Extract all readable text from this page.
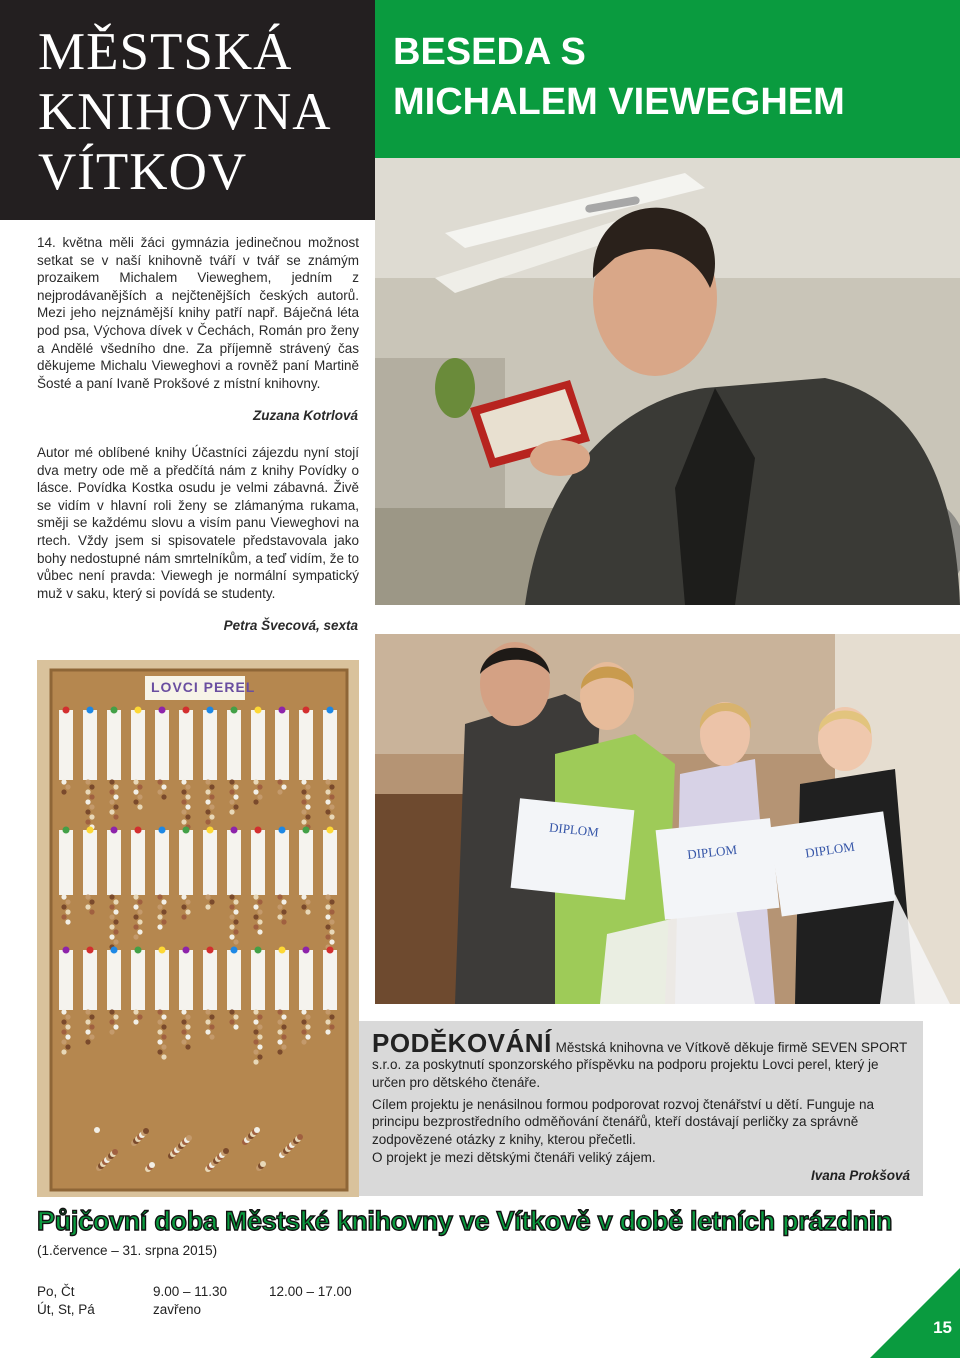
MĚSTSKÁ
KNIHOVNA
VÍTKOV
BESEDA S
MICHALEM VIEWEGHEM
14. května měli žáci gymnázia jedinečnou možnost setkat se v naší knihovně tváří v tvář se známým prozaikem Michalem Vieweghem, jedním z nejprodávanějších a nejčtenějších českých autorů. Mezi jeho nejznámější knihy patří např. Báječná léta pod psa, Výchova dívek v Čechách, Román pro ženy a Andělé všedního dne. Za příjemně strávený čas děkujeme Michalu Vieweghovi a rovněž paní Martině Šosté a paní Ivaně Prokšové z místní knihovny.
Zuzana Kotrlová
Autor mé oblíbené knihy Účastníci zájezdu nyní stojí dva metry ode mě a předčítá nám z knihy Povídky o lásce. Povídka Kostka osudu je velmi zábavná. Živě se vidím v hlavní roli ženy se zlámanýma rukama, směji se každému slovu a visím panu Vieweghovi na rtech. Vždy jsem si spisovatele představovala jako bohy nedostupné nám smrtelníkům, a teď vidím, že to vůbec není pravda: Viewegh je normální sympatický muž v saku, který si povídá se studenty.
Petra Švecová, sexta
LOVCI PEREL
DIPLOM
DIPLOM	DIPLOM
PODĚKOVÁNÍ Městská knihovna ve Vítkově děkuje firmě SEVEN SPORT s.r.o. za poskytnutí sponzorského příspěvku na podporu projektu Lovci perel, který je určen pro dětského čtenáře.
Cílem projektu je nenásilnou formou podporovat rozvoj čtenářství u dětí. Funguje na principu bezprostředního odměňování čtenářů, kteří dostávají perličky za správně zodpovězené otázky z knihy, kterou přečetli.
O projekt je mezi dětskými čtenáři veliký zájem.
Ivana Prokšová
Půjčovní doba Městské knihovny ve Vítkově v době letních prázdnin
(1.července – 31. srpna 2015)
Po, Čt	9.00 – 11.30	12.00 – 17.00
Út, St, Pá	zavřeno
15
